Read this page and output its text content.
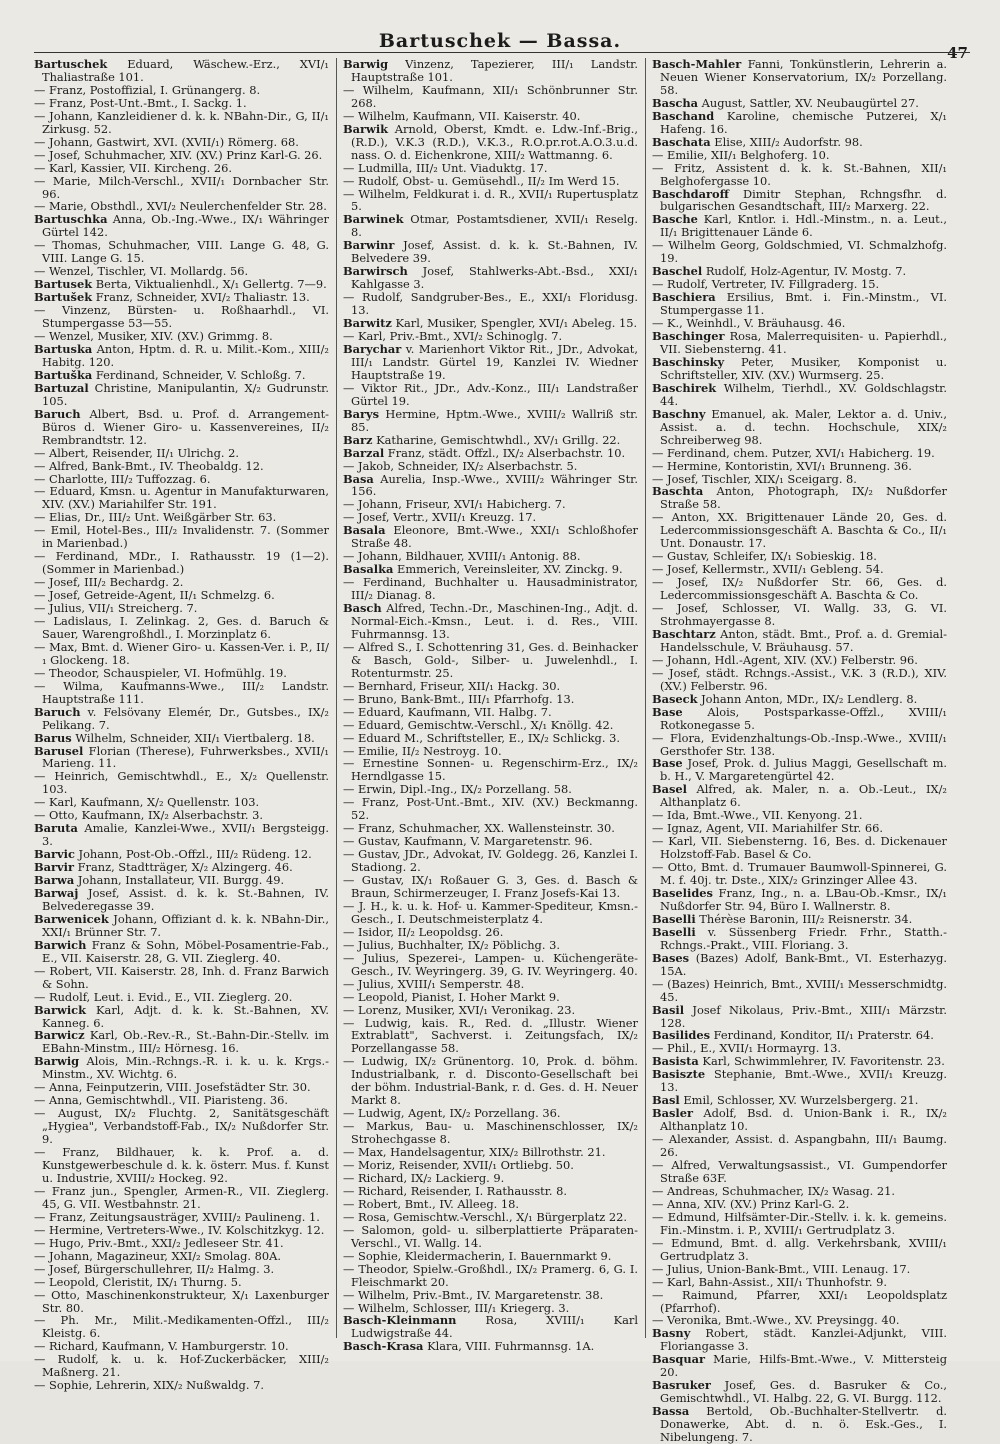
Bartuschek — Bassa.
47

Bartuschek Eduard, Wäschew.-Erz., XVI/₁ Thaliastraße 101.

— Franz, Postoffizial, I. Grünangerg. 8.

— Franz, Post-Unt.-Bmt., I. Sackg. 1.

— Johann, Kanzleidiener d. k. k. NBahn-Dir., G, II/₁ Zirkusg. 52.

— Johann, Gastwirt, XVI. (XVII/₁) Römerg. 68.

— Josef, Schuhmacher, XIV. (XV.) Prinz Karl-G. 26.

— Karl, Kassier, VII. Kircheng. 26.

— Marie, Milch-Verschl., XVII/₁ Dornbacher Str. 96.

— Marie, Obsthdl., XVI/₂ Neulerchenfelder Str. 28.

Bartuschka Anna, Ob.-Ing.-Wwe., IX/₁ Währinger Gürtel 142.

— Thomas, Schuhmacher, VIII. Lange G. 48, G. VIII. Lange G. 15.

— Wenzel, Tischler, VI. Mollardg. 56.

Bartusek Berta, Viktualienhdl., X/₁ Gellertg. 7—9.

Bartušek Franz, Schneider, XVI/₂ Thaliastr. 13.

— Vinzenz, Bürsten- u. Roßhaarhdl., VI. Stumpergasse 53—55.

— Wenzel, Musiker, XIV. (XV.) Grimmg. 8.

Bartuska Anton, Hptm. d. R. u. Milit.-Kom., XIII/₂ Habitg. 120.

Bartuška Ferdinand, Schneider, V. Schloßg. 7.

Bartuzal Christine, Manipulantin, X/₂ Gudrunstr. 105.

Baruch Albert, Bsd. u. Prof. d. Arrangement-Büros d. Wiener Giro- u. Kassenvereines, II/₂ Rembrandtstr. 12.

— Albert, Reisender, II/₁ Ulrichg. 2.

— Alfred, Bank-Bmt., IV. Theobaldg. 12.

— Charlotte, III/₂ Tuffozzag. 6.

— Eduard, Kmsn. u. Agentur in Manufakturwaren, XIV. (XV.) Mariahilfer Str. 191.

— Elias, Dr., III/₂ Unt. Weißgärber Str. 63.

— Emil, Hotel-Bes., III/₂ Invalidenstr. 7. (Sommer in Marienbad.)

— Ferdinand, MDr., I. Rathausstr. 19 (1—2). (Sommer in Marienbad.)

— Josef, III/₂ Bechardg. 2.

— Josef, Getreide-Agent, II/₁ Schmelzg. 6.

— Julius, VII/₁ Streicherg. 7.

— Ladislaus, I. Zelinkag. 2, Ges. d. Baruch & Sauer, Warengroßhdl., I. Morzinplatz 6.

— Max, Bmt. d. Wiener Giro- u. Kassen-Ver. i. P., II/₁ Glockeng. 18.

— Theodor, Schauspieler, VI. Hofmühlg. 19.

— Wilma, Kaufmanns-Wwe., III/₂ Landstr. Hauptstraße 111.

Baruch v. Felsövany Elemér, Dr., Gutsbes., IX/₂ Pelikang. 7.

Barus Wilhelm, Schneider, XII/₁ Viertbalerg. 18.

Barusel Florian (Therese), Fuhrwerksbes., XVII/₁ Marieng. 11.

— Heinrich, Gemischtwhdl., E., X/₂ Quellenstr. 103.

— Karl, Kaufmann, X/₂ Quellenstr. 103.

— Otto, Kaufmann, IX/₂ Alserbachstr. 3.

Baruta Amalie, Kanzlei-Wwe., XVII/₁ Bergsteigg. 3.

Barvic Johann, Post-Ob.-Offzl., III/₂ Rüdeng. 12.

Barvir Franz, Stadtträger, X/₂ Alzingerg. 46.

Barwa Johann, Installateur, VII. Burgg. 49.

Barwaj Josef, Assist. d. k. k. St.-Bahnen, IV. Belvederegasse 39.

Barwenicek Johann, Offiziant d. k. k. NBahn-Dir., XXI/₁ Brünner Str. 7.

Barwich Franz & Sohn, Möbel-Posamentrie-Fab., E., VII. Kaiserstr. 28, G. VII. Zieglerg. 40.

— Robert, VII. Kaiserstr. 28, Inh. d. Franz Barwich & Sohn.

— Rudolf, Leut. i. Evid., E., VII. Zieglerg. 20.

Barwick Karl, Adjt. d. k. k. St.-Bahnen, XV. Kanneg. 6.

Barwicz Karl, Ob.-Rev.-R., St.-Bahn-Dir.-Stellv. im EBahn-Minstm., III/₂ Hörnesg. 16.

Barwig Alois, Min.-Rchngs.-R. i. k. u. k. Krgs.-Minstm., XV. Wichtg. 6.

— Anna, Feinputzerin, VIII. Josefstädter Str. 30.

— Anna, Gemischtwhdl., VII. Piaristeng. 36.

— August, IX/₂ Fluchtg. 2, Sanitätsgeschäft „Hygiea", Verbandstoff-Fab., IX/₂ Nußdorfer Str. 9.

— Franz, Bildhauer, k. k. Prof. a. d. Kunstgewerbeschule d. k. k. österr. Mus. f. Kunst u. Industrie, XVIII/₂ Hockeg. 92.

— Franz jun., Spengler, Armen-R., VII. Zieglerg. 45, G. VII. Westbahnstr. 21.

— Franz, Zeitungsausträger, XVIII/₂ Paulineng. 1.

— Hermine, Vertreters-Wwe., IV. Kolschitzkyg. 12.

— Hugo, Priv.-Bmt., XXI/₂ Jedleseer Str. 41.

— Johann, Magazineur, XXI/₂ Smolag. 80A.

— Josef, Bürgerschullehrer, II/₂ Halmg. 3.

— Leopold, Cleristit, IX/₁ Thurng. 5.

— Otto, Maschinenkonstrukteur, X/₁ Laxenburger Str. 80.

— Ph. Mr., Milit.-Medikamenten-Offzl., III/₂ Kleistg. 6.

— Richard, Kaufmann, V. Hamburgerstr. 10.

— Rudolf, k. u. k. Hof-Zuckerbäcker, XIII/₂ Maßnerg. 21.

— Sophie, Lehrerin, XIX/₂ Nußwaldg. 7.

Barwig Vinzenz, Tapezierer, III/₁ Landstr. Hauptstraße 101.

— Wilhelm, Kaufmann, XII/₁ Schönbrunner Str. 268.

— Wilhelm, Kaufmann, VII. Kaiserstr. 40.

Barwik Arnold, Oberst, Kmdt. e. Ldw.-Inf.-Brig., (R.D.), V.K.3 (R.D.), V.K.3., R.O.pr.rot.A.O.3.u.d. nass. O. d. Eichenkrone, XIII/₂ Wattmanng. 6.

— Ludmilla, III/₂ Unt. Viaduktg. 17.

— Rudolf, Obst- u. Gemüsehdl., II/₂ Im Werd 15.

— Wilhelm, Feldkurat i. d. R., XVII/₁ Rupertusplatz 5.

Barwinek Otmar, Postamtsdiener, XVII/₁ Reselg. 8.

Barwinr Josef, Assist. d. k. k. St.-Bahnen, IV. Belvedere 39.

Barwirsch Josef, Stahlwerks-Abt.-Bsd., XXI/₁ Kahlgasse 3.

— Rudolf, Sandgruber-Bes., E., XXI/₁ Floridusg. 13.

Barwitz Karl, Musiker, Spengler, XVI/₁ Abeleg. 15.

— Karl, Priv.-Bmt., XVI/₂ Schinoglg. 7.

Barychar v. Marienhort Viktor Rit., JDr., Advokat, III/₁ Landstr. Gürtel 19, Kanzlei IV. Wiedner Hauptstraße 19.

— Viktor Rit., JDr., Adv.-Konz., III/₁ Landstraßer Gürtel 19.

Barys Hermine, Hptm.-Wwe., XVIII/₂ Wallriß str. 85.

Barz Katharine, Gemischtwhdl., XV/₁ Grillg. 22.

Barzal Franz, städt. Offzl., IX/₂ Alserbachstr. 10.

— Jakob, Schneider, IX/₂ Alserbachstr. 5.

Basa Aurelia, Insp.-Wwe., XVIII/₂ Währinger Str. 156.

— Johann, Friseur, XVI/₁ Habicherg. 7.

— Josef, Vertr., XVII/₁ Kreuzg. 17.

Basala Eleonore, Bmt.-Wwe., XXI/₁ Schloßhofer Straße 48.

— Johann, Bildhauer, XVIII/₁ Antonig. 88.

Basalka Emmerich, Vereinsleiter, XV. Zinckg. 9.

— Ferdinand, Buchhalter u. Hausadministrator, III/₂ Dianag. 8.

Basch Alfred, Techn.-Dr., Maschinen-Ing., Adjt. d. Normal-Eich.-Kmsn., Leut. i. d. Res., VIII. Fuhrmannsg. 13.

— Alfred S., I. Schottenring 31, Ges. d. Beinhacker & Basch, Gold-, Silber- u. Juwelenhdl., I. Rotenturmstr. 25.

— Bernhard, Friseur, XII/₁ Hackg. 30.

— Bruno, Bank-Bmt., III/₁ Pfarrhofg. 13.

— Eduard, Kaufmann, VII. Halbg. 7.

— Eduard, Gemischtw.-Verschl., X/₁ Knöllg. 42.

— Eduard M., Schriftsteller, E., IX/₂ Schlickg. 3.

— Emilie, II/₂ Nestroyg. 10.

— Ernestine Sonnen- u. Regenschirm-Erz., IX/₂ Herndlgasse 15.

— Erwin, Dipl.-Ing., IX/₂ Porzellang. 58.

— Franz, Post-Unt.-Bmt., XIV. (XV.) Beckmanng. 52.

— Franz, Schuhmacher, XX. Wallensteinstr. 30.

— Gustav, Kaufmann, V. Margaretenstr. 96.

— Gustav, JDr., Advokat, IV. Goldegg. 26, Kanzlei I. Stadiong. 2.

— Gustav, IX/₁ Roßauer G. 3, Ges. d. Basch & Braun, Schirmerzeuger, I. Franz Josefs-Kai 13.

— J. H., k. u. k. Hof- u. Kammer-Spediteur, Kmsn.-Gesch., I. Deutschmeisterplatz 4.

— Isidor, II/₂ Leopoldsg. 26.

— Julius, Buchhalter, IX/₂ Pöblichg. 3.

— Julius, Spezerei-, Lampen- u. Küchengeräte-Gesch., IV. Weyringerg. 39, G. IV. Weyringerg. 40.

— Julius, XVIII/₁ Semperstr. 48.

— Leopold, Pianist, I. Hoher Markt 9.

— Lorenz, Musiker, XVI/₁ Veronikag. 23.

— Ludwig, kais. R., Red. d. „Illustr. Wiener Extrablatt", Sachverst. i. Zeitungsfach, IX/₂ Porzellangasse 58.

— Ludwig, IX/₂ Grünentorg. 10, Prok. d. böhm. Industrialbank, r. d. Disconto-Gesellschaft bei der böhm. Industrial-Bank, r. d. Ges. d. H. Neuer Markt 8.

— Ludwig, Agent, IX/₂ Porzellang. 36.

— Markus, Bau- u. Maschinenschlosser, IX/₂ Strohechgasse 8.

— Max, Handelsagentur, XIX/₂ Billrothstr. 21.

— Moriz, Reisender, XVII/₁ Ortliebg. 50.

— Richard, IX/₂ Lackierg. 9.

— Richard, Reisender, I. Rathausstr. 8.

— Robert, Bmt., IV. Alleeg. 18.

— Rosa, Gemischtw.-Verschl., X/₁ Bürgerplatz 22.

— Salomon, gold- u. silberplattierte Präparaten-Verschl., VI. Wallg. 14.

— Sophie, Kleidermacherin, I. Bauernmarkt 9.

— Theodor, Spielw.-Großhdl., IX/₂ Pramerg. 6, G. I. Fleischmarkt 20.

— Wilhelm, Priv.-Bmt., IV. Margaretenstr. 38.

— Wilhelm, Schlosser, III/₁ Kriegerg. 3.

Basch-Kleinmann Rosa, XVIII/₁ Karl Ludwigstraße 44.

Basch-Krasa Klara, VIII. Fuhrmannsg. 1A.

Basch-Mahler Fanni, Tonkünstlerin, Lehrerin a. Neuen Wiener Konservatorium, IX/₂ Porzellang. 58.

Bascha August, Sattler, XV. Neubaugürtel 27.

Baschand Karoline, chemische Putzerei, X/₁ Hafeng. 16.

Baschata Elise, XIII/₂ Audorfstr. 98.

— Emilie, XII/₁ Belghoferg. 10.

— Fritz, Assistent d. k. k. St.-Bahnen, XII/₁ Belghofergasse 10.

Baschdaroff Dimitr Stephan, Rchngsfhr. d. bulgarischen Gesandtschaft, III/₂ Marxerg. 22.

Basche Karl, Kntlor. i. Hdl.-Minstm., n. a. Leut., II/₁ Brigittenauer Lände 6.

— Wilhelm Georg, Goldschmied, VI. Schmalzhofg. 19.

Baschel Rudolf, Holz-Agentur, IV. Mostg. 7.

— Rudolf, Vertreter, IV. Fillgraderg. 15.

Baschiera Ersilius, Bmt. i. Fin.-Minstm., VI. Stumpergasse 11.

— K., Weinhdl., V. Bräuhausg. 46.

Baschinger Rosa, Malerrequisiten- u. Papierhdl., VII. Siebensterng. 41.

Baschinsky Peter, Musiker, Komponist u. Schriftsteller, XIV. (XV.) Wurmserg. 25.

Baschirek Wilhelm, Tierhdl., XV. Goldschlagstr. 44.

Baschny Emanuel, ak. Maler, Lektor a. d. Univ., Assist. a. d. techn. Hochschule, XIX/₂ Schreiberweg 98.

— Ferdinand, chem. Putzer, XVI/₁ Habicherg. 19.

— Hermine, Kontoristin, XVI/₁ Brunneng. 36.

— Josef, Tischler, XIX/₁ Sceigarg. 8.

Baschta Anton, Photograph, IX/₂ Nußdorfer Straße 58.

— Anton, XX. Brigittenauer Lände 20, Ges. d. Ledercommissionsgeschäft A. Baschta & Co., II/₁ Unt. Donaustr. 17.

— Gustav, Schleifer, IX/₁ Sobieskig. 18.

— Josef, Kellermstr., XVII/₁ Gebleng. 54.

— Josef, IX/₂ Nußdorfer Str. 66, Ges. d. Ledercommissionsgeschäft A. Baschta & Co.

— Josef, Schlosser, VI. Wallg. 33, G. VI. Strohmayergasse 8.

Baschtarz Anton, städt. Bmt., Prof. a. d. Gremial-Handelsschule, V. Bräuhausg. 57.

— Johann, Hdl.-Agent, XIV. (XV.) Felberstr. 96.

— Josef, städt. Rchngs.-Assist., V.K. 3 (R.D.), XIV. (XV.) Felberstr. 96.

Baseck Johann Anton, MDr., IX/₂ Lendlerg. 8.

Base Alois, Postsparkasse-Offzl., XVIII/₁ Rotkonegasse 5.

— Flora, Evidenzhaltungs-Ob.-Insp.-Wwe., XVIII/₁ Gersthofer Str. 138.

Base Josef, Prok. d. Julius Maggi, Gesellschaft m. b. H., V. Margaretengürtel 42.

Basel Alfred, ak. Maler, n. a. Ob.-Leut., IX/₂ Althanplatz 6.

— Ida, Bmt.-Wwe., VII. Kenyong. 21.

— Ignaz, Agent, VII. Mariahilfer Str. 66.

— Karl, VII. Siebensterng. 16, Bes. d. Dickenauer Holzstoff-Fab. Basel & Co.

— Otto, Bmt. d. Trumauer Baumwoll-Spinnerei, G. M. f. 40j. tr. Dste., XIX/₂ Grinzinger Allee 43.

Baselides Franz, Ing., n. a. LBau-Ob.-Kmsr., IX/₁ Nußdorfer Str. 94, Büro I. Wallnerstr. 8.

Baselli Thérèse Baronin, III/₂ Reisnerstr. 34.

Baselli v. Süssenberg Friedr. Frhr., Statth.-Rchngs.-Prakt., VIII. Floriang. 3.

Bases (Bazes) Adolf, Bank-Bmt., VI. Esterhazyg. 15A.

— (Bazes) Heinrich, Bmt., XVIII/₁ Messerschmidtg. 45.

Basil Josef Nikolaus, Priv.-Bmt., XIII/₁ Märzstr. 128.

Basilides Ferdinand, Konditor, II/₁ Praterstr. 64.

— Phil., E., XVII/₁ Hormayrg. 13.

Basista Karl, Schwimmlehrer, IV. Favoritenstr. 23.

Basiszte Stephanie, Bmt.-Wwe., XVII/₁ Kreuzg. 13.

Basl Emil, Schlosser, XV. Wurzelsbergerg. 21.

Basler Adolf, Bsd. d. Union-Bank i. R., IX/₂ Althanplatz 10.

— Alexander, Assist. d. Aspangbahn, III/₁ Baumg. 26.

— Alfred, Verwaltungsassist., VI. Gumpendorfer Straße 63F.

— Andreas, Schuhmacher, IX/₂ Wasag. 21.

— Anna, XIV. (XV.) Prinz Karl-G. 2.

— Edmund, Hilfsämter-Dir.-Stellv. i. k. k. gemeins. Fin.-Minstm. i. P., XVIII/₁ Gertrudplatz 3.

— Edmund, Bmt. d. allg. Verkehrsbank, XVIII/₁ Gertrudplatz 3.

— Julius, Union-Bank-Bmt., VIII. Lenaug. 17.

— Karl, Bahn-Assist., XII/₁ Thunhofstr. 9.

— Raimund, Pfarrer, XXI/₁ Leopoldsplatz (Pfarrhof).

— Veronika, Bmt.-Wwe., XV. Preysingg. 40.

Basny Robert, städt. Kanzlei-Adjunkt, VIII. Floriangasse 3.

Basquar Marie, Hilfs-Bmt.-Wwe., V. Mittersteig 20.

Basruker Josef, Ges. d. Basruker & Co., Gemischtwhdl., VI. Halbg. 22, G. VI. Burgg. 112.

Bassa Bertold, Ob.-Buchhalter-Stellvertr. d. Donawerke, Abt. d. n. ö. Esk.-Ges., I. Nibelungeng. 7.
